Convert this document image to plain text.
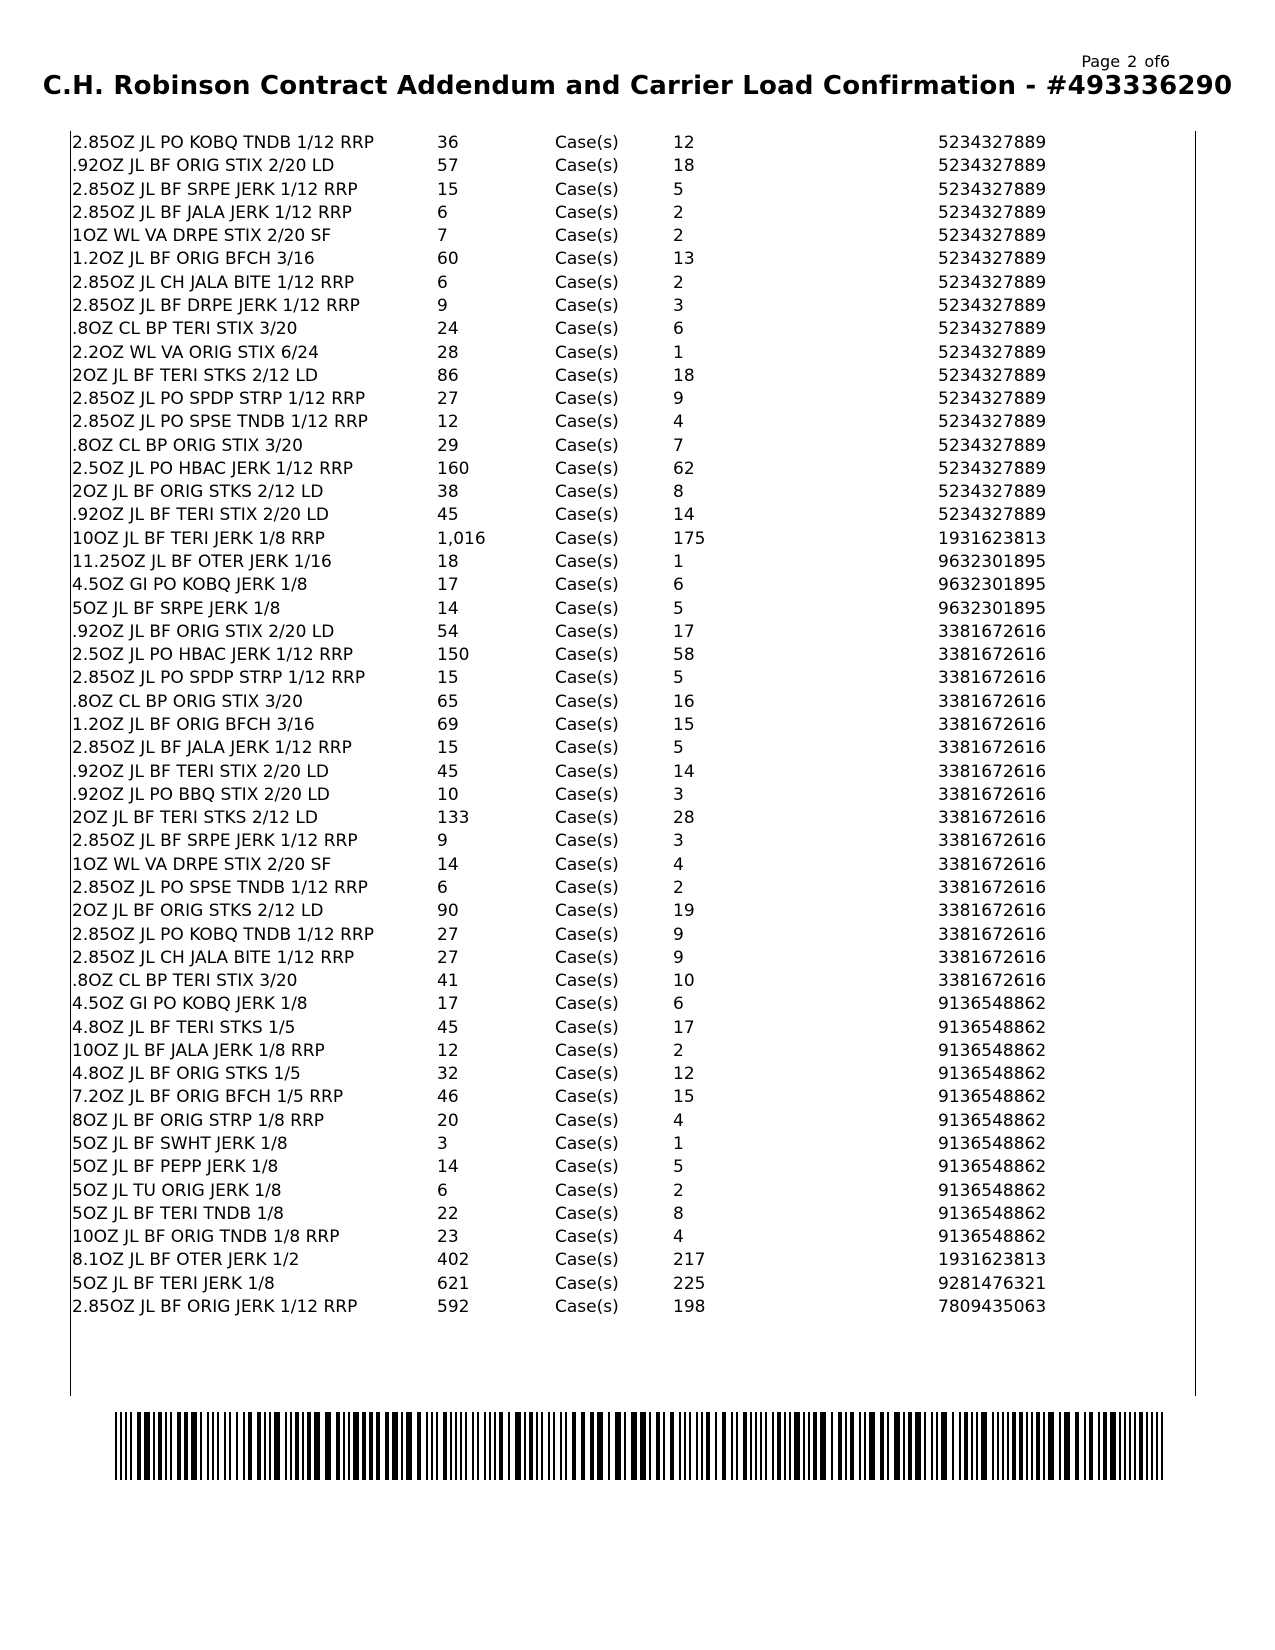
Page 2 of6
C.H. Robinson Contract Addendum and Carrier Load Confirmation - #493336290
2.85OZ JL PO KOBQ TNDB 1/12 RRP	36	Case(s)	12	5234327889
.92OZ JL BF ORIG STIX 2/20 LD	57	Case(s)	18	5234327889
2.85OZ JL BF SRPE JERK 1/12 RRP	15	Case(s)	5	5234327889
2.85OZ JL BF JALA JERK 1/12 RRP	6	Case(s)	2	5234327889
1OZ WL VA DRPE STIX 2/20 SF	7	Case(s)	2	5234327889
1.2OZ JL BF ORIG BFCH 3/16	60	Case(s)	13	5234327889
2.85OZ JL CH JALA BITE 1/12 RRP	6	Case(s)	2	5234327889
2.85OZ JL BF DRPE JERK 1/12 RRP	9	Case(s)	3	5234327889
.8OZ CL BP TERI STIX 3/20	24	Case(s)	6	5234327889
2.2OZ WL VA ORIG STIX 6/24	28	Case(s)	1	5234327889
2OZ JL BF TERI STKS 2/12 LD	86	Case(s)	18	5234327889
2.85OZ JL PO SPDP STRP 1/12 RRP	27	Case(s)	9	5234327889
2.85OZ JL PO SPSE TNDB 1/12 RRP	12	Case(s)	4	5234327889
.8OZ CL BP ORIG STIX 3/20	29	Case(s)	7	5234327889
2.5OZ JL PO HBAC JERK 1/12 RRP	160	Case(s)	62	5234327889
2OZ JL BF ORIG STKS 2/12 LD	38	Case(s)	8	5234327889
.92OZ JL BF TERI STIX 2/20 LD	45	Case(s)	14	5234327889
10OZ JL BF TERI JERK 1/8 RRP	1,016	Case(s)	175	1931623813
11.25OZ JL BF OTER JERK 1/16	18	Case(s)	1	9632301895
4.5OZ GI PO KOBQ JERK 1/8	17	Case(s)	6	9632301895
5OZ JL BF SRPE JERK 1/8	14	Case(s)	5	9632301895
.92OZ JL BF ORIG STIX 2/20 LD	54	Case(s)	17	3381672616
2.5OZ JL PO HBAC JERK 1/12 RRP	150	Case(s)	58	3381672616
2.85OZ JL PO SPDP STRP 1/12 RRP	15	Case(s)	5	3381672616
.8OZ CL BP ORIG STIX 3/20	65	Case(s)	16	3381672616
1.2OZ JL BF ORIG BFCH 3/16	69	Case(s)	15	3381672616
2.85OZ JL BF JALA JERK 1/12 RRP	15	Case(s)	5	3381672616
.92OZ JL BF TERI STIX 2/20 LD	45	Case(s)	14	3381672616
.92OZ JL PO BBQ STIX 2/20 LD	10	Case(s)	3	3381672616
2OZ JL BF TERI STKS 2/12 LD	133	Case(s)	28	3381672616
2.85OZ JL BF SRPE JERK 1/12 RRP	9	Case(s)	3	3381672616
1OZ WL VA DRPE STIX 2/20 SF	14	Case(s)	4	3381672616
2.85OZ JL PO SPSE TNDB 1/12 RRP	6	Case(s)	2	3381672616
2OZ JL BF ORIG STKS 2/12 LD	90	Case(s)	19	3381672616
2.85OZ JL PO KOBQ TNDB 1/12 RRP	27	Case(s)	9	3381672616
2.85OZ JL CH JALA BITE 1/12 RRP	27	Case(s)	9	3381672616
.8OZ CL BP TERI STIX 3/20	41	Case(s)	10	3381672616
4.5OZ GI PO KOBQ JERK 1/8	17	Case(s)	6	9136548862
4.8OZ JL BF TERI STKS 1/5	45	Case(s)	17	9136548862
10OZ JL BF JALA JERK 1/8 RRP	12	Case(s)	2	9136548862
4.8OZ JL BF ORIG STKS 1/5	32	Case(s)	12	9136548862
7.2OZ JL BF ORIG BFCH 1/5 RRP	46	Case(s)	15	9136548862
8OZ JL BF ORIG STRP 1/8 RRP	20	Case(s)	4	9136548862
5OZ JL BF SWHT JERK 1/8	3	Case(s)	1	9136548862
5OZ JL BF PEPP JERK 1/8	14	Case(s)	5	9136548862
5OZ JL TU ORIG JERK 1/8	6	Case(s)	2	9136548862
5OZ JL BF TERI TNDB 1/8	22	Case(s)	8	9136548862
10OZ JL BF ORIG TNDB 1/8 RRP	23	Case(s)	4	9136548862
8.1OZ JL BF OTER JERK 1/2	402	Case(s)	217	1931623813
5OZ JL BF TERI JERK 1/8	621	Case(s)	225	9281476321
2.85OZ JL BF ORIG JERK 1/12 RRP	592	Case(s)	198	7809435063
